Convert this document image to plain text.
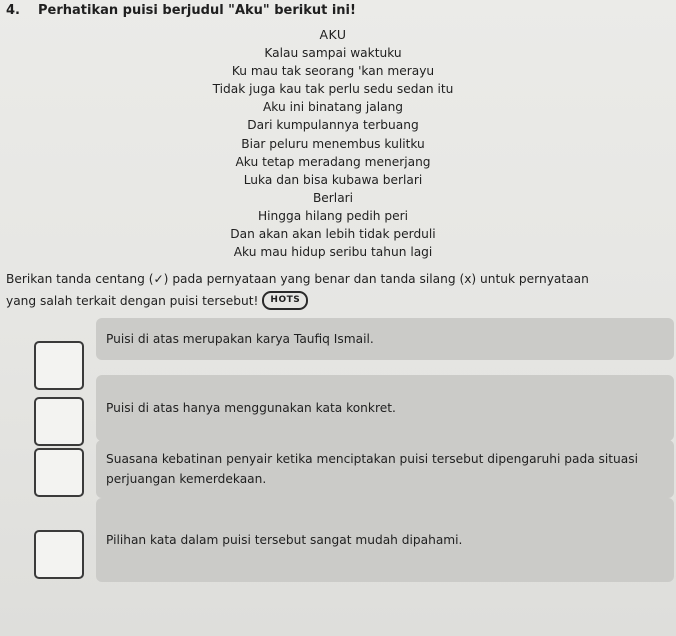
4. Perhatikan puisi berjudul "Aku" berikut ini!
AKU
Kalau sampai waktuku
Ku mau tak seorang 'kan merayu
Tidak juga kau tak perlu sedu sedan itu
Aku ini binatang jalang
Dari kumpulannya terbuang
Biar peluru menembus kulitku
Aku tetap meradang menerjang
Luka dan bisa kubawa berlari
Berlari
Hingga hilang pedih peri
Dan akan akan lebih tidak perduli
Aku mau hidup seribu tahun lagi
Berikan tanda centang (✓) pada pernyataan yang benar dan tanda silang (x) untuk pernyataan
yang salah terkait dengan puisi tersebut!	HOTS
Puisi di atas merupakan karya Taufiq Ismail.
Puisi di atas hanya menggunakan kata konkret.
Suasana kebatinan penyair ketika menciptakan puisi tersebut dipengaruhi pada situasi perjuangan kemerdekaan.
Pilihan kata dalam puisi tersebut sangat mudah dipahami.
